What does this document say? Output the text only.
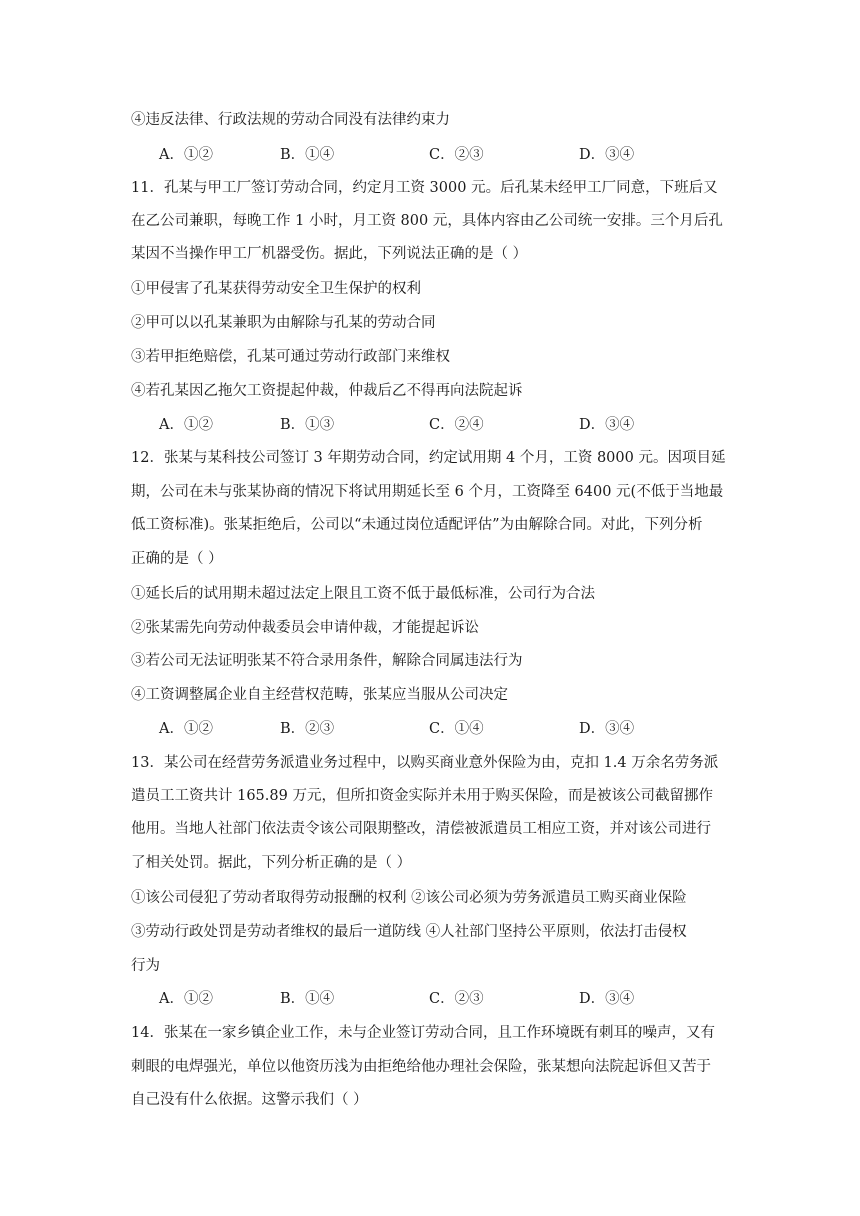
④违反法律、行政法规的劳动合同没有法律约束力
A．①②	B．①④	C．②③	D．③④
11．孔某与甲工厂签订劳动合同，约定月工资 3000 元。后孔某未经甲工厂同意，下班后又
在乙公司兼职，每晚工作 1 小时，月工资 800 元，具体内容由乙公司统一安排。三个月后孔
某因不当操作甲工厂机器受伤。据此，下列说法正确的是（ ）
①甲侵害了孔某获得劳动安全卫生保护的权利
②甲可以以孔某兼职为由解除与孔某的劳动合同
③若甲拒绝赔偿，孔某可通过劳动行政部门来维权
④若孔某因乙拖欠工资提起仲裁，仲裁后乙不得再向法院起诉
A．①②	B．①③	C．②④	D．③④
12．张某与某科技公司签订 3 年期劳动合同，约定试用期 4 个月，工资 8000 元。因项目延
期，公司在未与张某协商的情况下将试用期延长至 6 个月，工资降至 6400 元(不低于当地最
低工资标准)。张某拒绝后，公司以“未通过岗位适配评估”为由解除合同。对此，下列分析
正确的是（ ）
①延长后的试用期未超过法定上限且工资不低于最低标准，公司行为合法
②张某需先向劳动仲裁委员会申请仲裁，才能提起诉讼
③若公司无法证明张某不符合录用条件，解除合同属违法行为
④工资调整属企业自主经营权范畴，张某应当服从公司决定
A．①②	B．②③	C．①④	D．③④
13．某公司在经营劳务派遣业务过程中，以购买商业意外保险为由，克扣 1.4 万余名劳务派
遣员工工资共计 165.89 万元，但所扣资金实际并未用于购买保险，而是被该公司截留挪作
他用。当地人社部门依法责令该公司限期整改，清偿被派遣员工相应工资，并对该公司进行
了相关处罚。据此，下列分析正确的是（ ）
①该公司侵犯了劳动者取得劳动报酬的权利 ②该公司必须为劳务派遣员工购买商业保险
③劳动行政处罚是劳动者维权的最后一道防线 ④人社部门坚持公平原则，依法打击侵权
行为
A．①②	B．①④	C．②③	D．③④
14．张某在一家乡镇企业工作，未与企业签订劳动合同，且工作环境既有刺耳的噪声，又有
刺眼的电焊强光，单位以他资历浅为由拒绝给他办理社会保险，张某想向法院起诉但又苦于
自己没有什么依据。这警示我们（ ）
